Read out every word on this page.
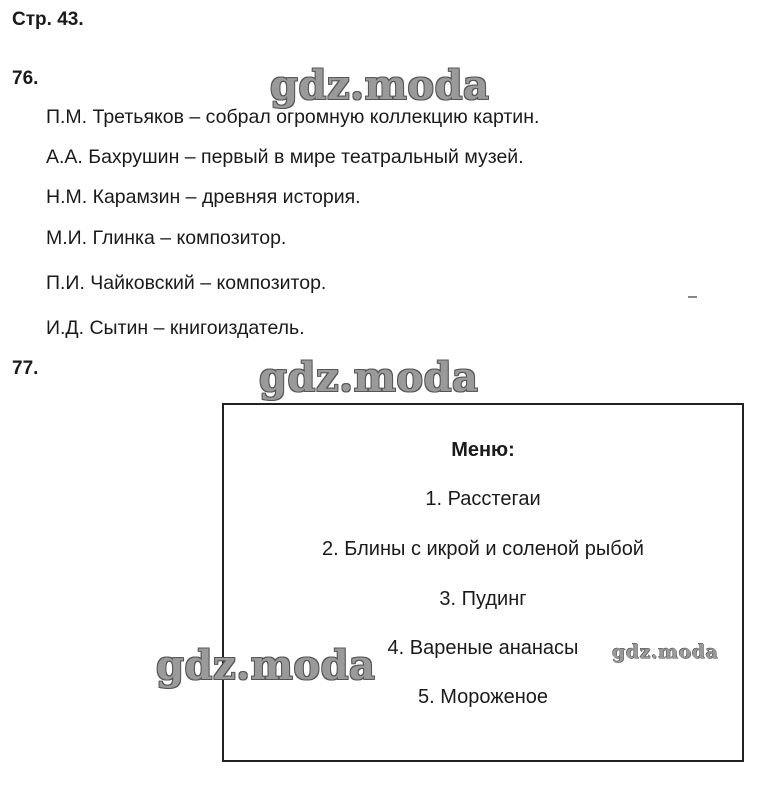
Стр. 43.
76.	gdz.moda
П.М. Третьяков – собрал огромную коллекцию картин.
А.А. Бахрушин – первый в мире театральный музей.
Н.М. Карамзин – древняя история.
М.И. Глинка – композитор.
П.И. Чайковский – композитор.
И.Д. Сытин – книгоиздатель.
77.	gdz.moda
Меню:
1. Расстегаи
2. Блины с икрой и соленой рыбой
3. Пудинг
4. Вареные ананасы
5. Мороженое
gdz.moda	gdz.moda
